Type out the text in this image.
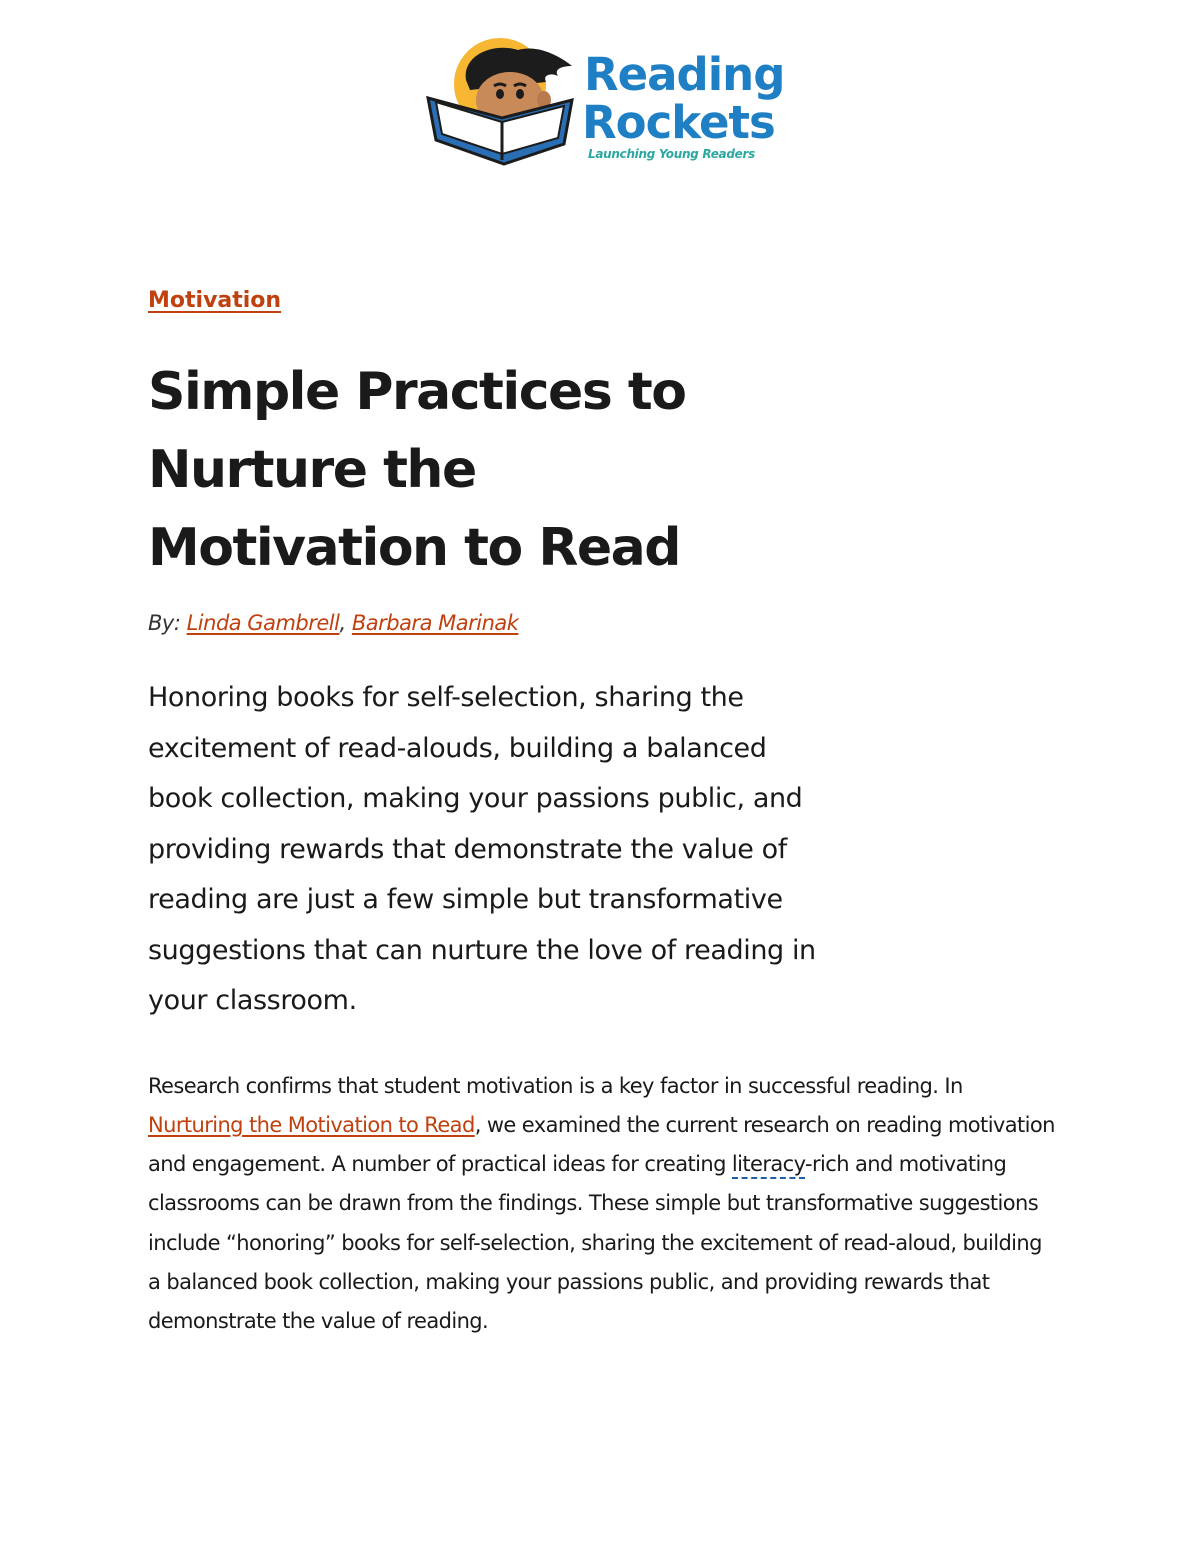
Reading
Rockets
Launching Young Readers
Motivation
Simple Practices to Nurture the Motivation to Read
By: Linda Gambrell, Barbara Marinak

Honoring books for self-selection, sharing the excitement of read-alouds, building a balanced book collection, making your passions public, and providing rewards that demonstrate the value of reading are just a few simple but transformative suggestions that can nurture the love of reading in your classroom.

Research confirms that student motivation is a key factor in successful reading. In Nurturing the Motivation to Read, we examined the current research on reading motivation and engagement. A number of practical ideas for creating literacy-rich and motivating classrooms can be drawn from the findings. These simple but transformative suggestions include “honoring” books for self-selection, sharing the excitement of read-aloud, building a balanced book collection, making your passions public, and providing rewards that demonstrate the value of reading.
